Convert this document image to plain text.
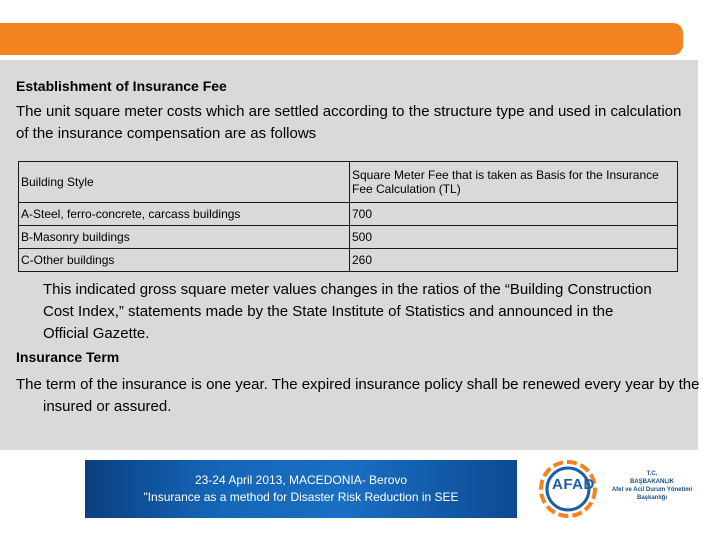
Establishment of Insurance Fee
The unit square meter costs which are settled according to the structure type and used in calculation of the insurance compensation are as follows
Building Style	Square Meter Fee that is taken as Basis for the Insurance Fee Calculation (TL)
A-Steel, ferro-concrete, carcass buildings	700
B-Masonry buildings	500
C-Other buildings	260
This indicated gross square meter values changes in the ratios of the “Building Construction Cost Index,” statements made by the State Institute of Statistics and announced in the Official Gazette.
Insurance Term
The term of the insurance is one year. The expired insurance policy shall be renewed every year by the insured or assured.
23-24 April 2013, MACEDONIA- Berovo
"Insurance as a method for Disaster Risk Reduction in SEE
AFAD
T.C.
BAŞBAKANLIK
Afet ve Acil Durum Yönetimi Başkanlığı
